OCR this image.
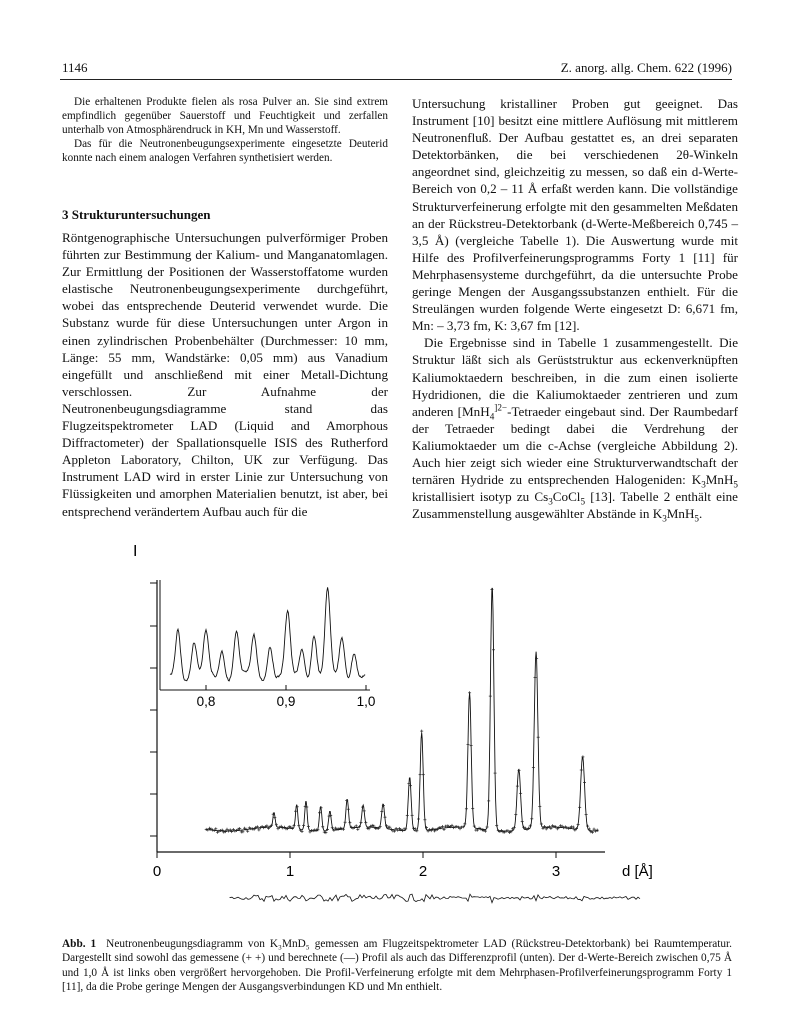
1146	Z. anorg. allg. Chem. 622 (1996)

Die erhaltenen Produkte fielen als rosa Pulver an. Sie sind extrem empfindlich gegenüber Sauerstoff und Feuchtigkeit und zerfallen unterhalb von Atmosphärendruck in KH, Mn und Wasserstoff.

Das für die Neutronenbeugungsexperimente eingesetzte Deuterid konnte nach einem analogen Verfahren synthetisiert werden.

3 Strukturuntersuchungen

Röntgenographische Untersuchungen pulverförmiger Proben führten zur Bestimmung der Kalium- und Manganatomlagen. Zur Ermittlung der Positionen der Wasserstoffatome wurden elastische Neutronenbeugungsexperimente durchgeführt, wobei das entsprechende Deuterid verwendet wurde. Die Substanz wurde für diese Untersuchungen unter Argon in einen zylindrischen Probenbehälter (Durchmesser: 10 mm, Länge: 55 mm, Wandstärke: 0,05 mm) aus Vanadium eingefüllt und anschließend mit einer Metall-Dichtung verschlossen. Zur Aufnahme der Neutronenbeugungsdiagramme stand das Flugzeitspektrometer LAD (Liquid and Amorphous Diffractometer) der Spallationsquelle ISIS des Rutherford Appleton Laboratory, Chilton, UK zur Verfügung. Das Instrument LAD wird in erster Linie zur Untersuchung von Flüssigkeiten und amorphen Materialien benutzt, ist aber, bei entsprechend verändertem Aufbau auch für die

Untersuchung kristalliner Proben gut geeignet. Das Instrument [10] besitzt eine mittlere Auflösung mit mittlerem Neutronenfluß. Der Aufbau gestattet es, an drei separaten Detektorbänken, die bei verschiedenen 2θ-Winkeln angeordnet sind, gleichzeitig zu messen, so daß ein d-Werte-Bereich von 0,2 – 11 Å erfaßt werden kann. Die vollständige Strukturverfeinerung erfolgte mit den gesammelten Meßdaten an der Rückstreu-Detektorbank (d-Werte-Meßbereich 0,745 – 3,5 Å) (vergleiche Tabelle 1). Die Auswertung wurde mit Hilfe des Profilverfeinerungsprogramms Forty 1 [11] für Mehrphasensysteme durchgeführt, da die untersuchte Probe geringe Mengen der Ausgangssubstanzen enthielt. Für die Streulängen wurden folgende Werte eingesetzt D: 6,671 fm, Mn: – 3,73 fm, K: 3,67 fm [12].

Die Ergebnisse sind in Tabelle 1 zusammengestellt. Die Struktur läßt sich als Gerüststruktur aus eckenverknüpften Kaliumoktaedern beschreiben, in die zum einen isolierte Hydridionen, die die Kaliumoktaeder zentrieren und zum anderen [MnH$_4^{]2-}$-Tetraeder eingebaut sind. Der Raumbedarf der Tetraeder bedingt dabei die Verdrehung der Kaliumoktaeder um die c-Achse (vergleiche Abbildung 2). Auch hier zeigt sich wieder eine Strukturverwandtschaft der ternären Hydride zu entsprechenden Halogeniden: $K_3MnH_5$ kristallisiert isotyp zu $Cs_3CoCl_5$ [13]. Tabelle 2 enthält eine Zusammenstellung ausgewählter Abstände in $K_3MnH_5$.

I
0	1	2	3	d [Å]
0,8	0,9	1,0
Abb. 1 Neutronenbeugungsdiagramm von K₃MnD₅ gemessen am Flugzeitspektrometer LAD (Rückstreu-Detektorbank) bei Raumtemperatur. Dargestellt sind sowohl das gemessene (+ +) und berechnete (—) Profil als auch das Differenzprofil (unten). Der d-Werte-Bereich zwischen 0,75 Å und 1,0 Å ist links oben vergrößert hervorgehoben. Die Profil-Verfeinerung erfolgte mit dem Mehrphasen-Profilverfeinerungsprogramm Forty 1 [11], da die Probe geringe Mengen der Ausgangsverbindungen KD und Mn enthielt.
